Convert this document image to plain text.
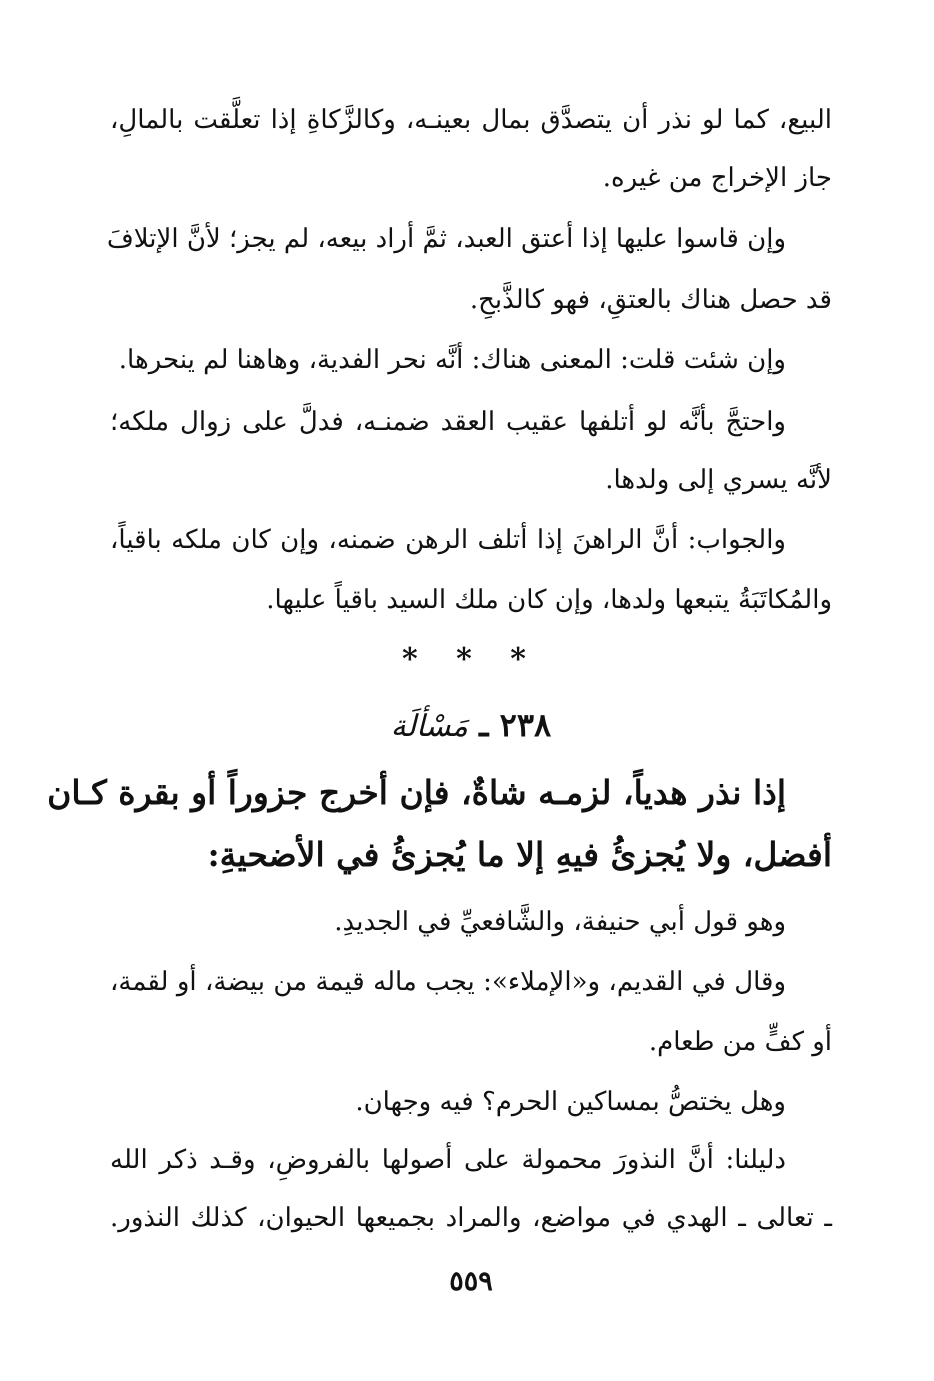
البيع، كما لو نذر أن يتصدَّق بمال بعينـه، وكالزَّكاةِ إذا تعلَّقت بالمالِ،
جاز الإخراج من غيره.
وإن قاسوا عليها إذا أعتق العبد، ثمَّ أراد بيعه، لم يجز؛ لأنَّ الإتلافَ
قد حصل هناك بالعتقِ، فهو كالذَّبحِ.
وإن شئت قلت: المعنى هناك: أنَّه نحر الفدية، وهاهنا لم ينحرها.
واحتجَّ بأنَّه لو أتلفها عقيب العقد ضمنـه، فدلَّ على زوال ملكه؛
لأنَّه يسري إلى ولدها.
والجواب: أنَّ الراهنَ إذا أتلف الرهن ضمنه، وإن كان ملكه باقياً،
والمُكاتَبَةُ يتبعها ولدها، وإن كان ملك السيد باقياً عليها.
* * *
٢٣٨ ـ مَسْألَة
إذا نذر هدياً، لزمـه شاةٌ، فإن أخرج جزوراً أو بقرة كـان
أفضل، ولا يُجزئُ فيهِ إلا ما يُجزئُ في الأضحيةِ:
وهو قول أبي حنيفة، والشَّافعيِّ في الجديدِ.
وقال في القديم، و«الإملاء»: يجب ماله قيمة من بيضة، أو لقمة،
أو كفٍّ من طعام.
وهل يختصُّ بمساكين الحرم؟ فيه وجهان.
دليلنا: أنَّ النذورَ محمولة على أصولها بالفروضِ، وقـد ذكر الله
ـ تعالى ـ الهدي في مواضع، والمراد بجميعها الحيوان، كذلك النذور.
٥٥٩
